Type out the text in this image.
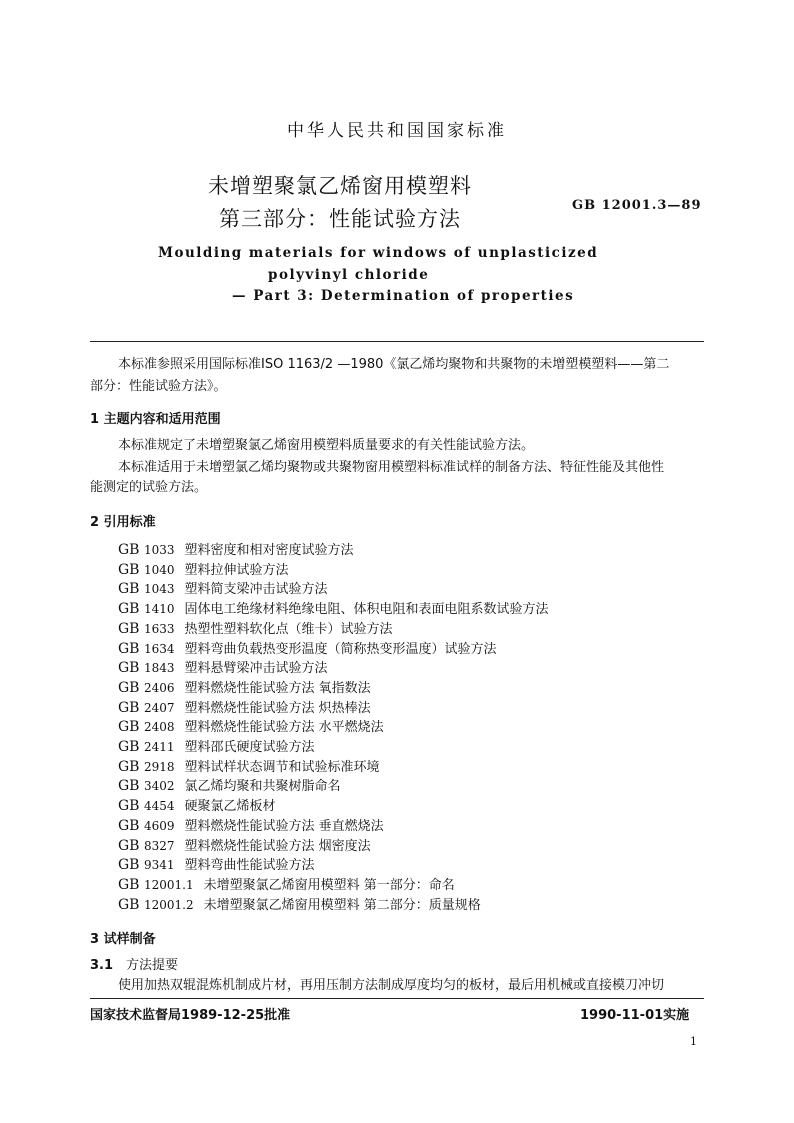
中华人民共和国国家标准
未增塑聚氯乙烯窗用模塑料
第三部分：性能试验方法
GB 12001.3—89
Moulding materials for windows of unplasticized
polyvinyl chloride
— Part 3: Determination of properties
本标准参照采用国际标准ISO 1163/2 —1980《氯乙烯均聚物和共聚物的未增塑模塑料——第二
部分：性能试验方法》。
1 主题内容和适用范围
本标准规定了未增塑聚氯乙烯窗用模塑料质量要求的有关性能试验方法。
本标准适用于未增塑氯乙烯均聚物或共聚物窗用模塑料标准试样的制备方法、特征性能及其他性
能测定的试验方法。
2 引用标准
GB 1033 塑料密度和相对密度试验方法
GB 1040 塑料拉伸试验方法
GB 1043 塑料简支梁冲击试验方法
GB 1410 固体电工绝缘材料绝缘电阻、体积电阻和表面电阻系数试验方法
GB 1633 热塑性塑料软化点（维卡）试验方法
GB 1634 塑料弯曲负载热变形温度（简称热变形温度）试验方法
GB 1843 塑料悬臂梁冲击试验方法
GB 2406 塑料燃烧性能试验方法 氧指数法
GB 2407 塑料燃烧性能试验方法 炽热棒法
GB 2408 塑料燃烧性能试验方法 水平燃烧法
GB 2411 塑料邵氏硬度试验方法
GB 2918 塑料试样状态调节和试验标准环境
GB 3402 氯乙烯均聚和共聚树脂命名
GB 4454 硬聚氯乙烯板材
GB 4609 塑料燃烧性能试验方法 垂直燃烧法
GB 8327 塑料燃烧性能试验方法 烟密度法
GB 9341 塑料弯曲性能试验方法
GB 12001.1 未增塑聚氯乙烯窗用模塑料 第一部分：命名
GB 12001.2 未增塑聚氯乙烯窗用模塑料 第二部分：质量规格
3 试样制备
3.1 方法提要
使用加热双辊混炼机制成片材，再用压制方法制成厚度均匀的板材，最后用机械或直接模刀冲切
国家技术监督局1989-12-25批准	1990-11-01实施
1
